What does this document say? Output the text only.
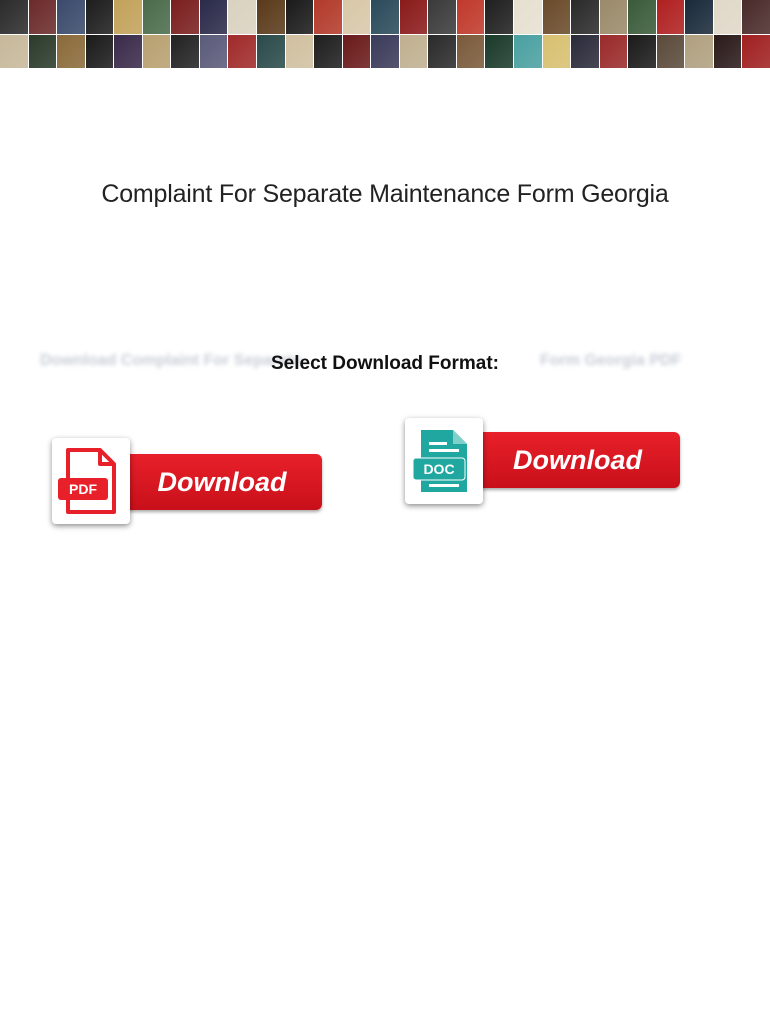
Complaint For Separate Maintenance Form Georgia
Download Complaint For Separate	Form Georgia PDF
Select Download Format:
Download
PDF
Download
DOC
